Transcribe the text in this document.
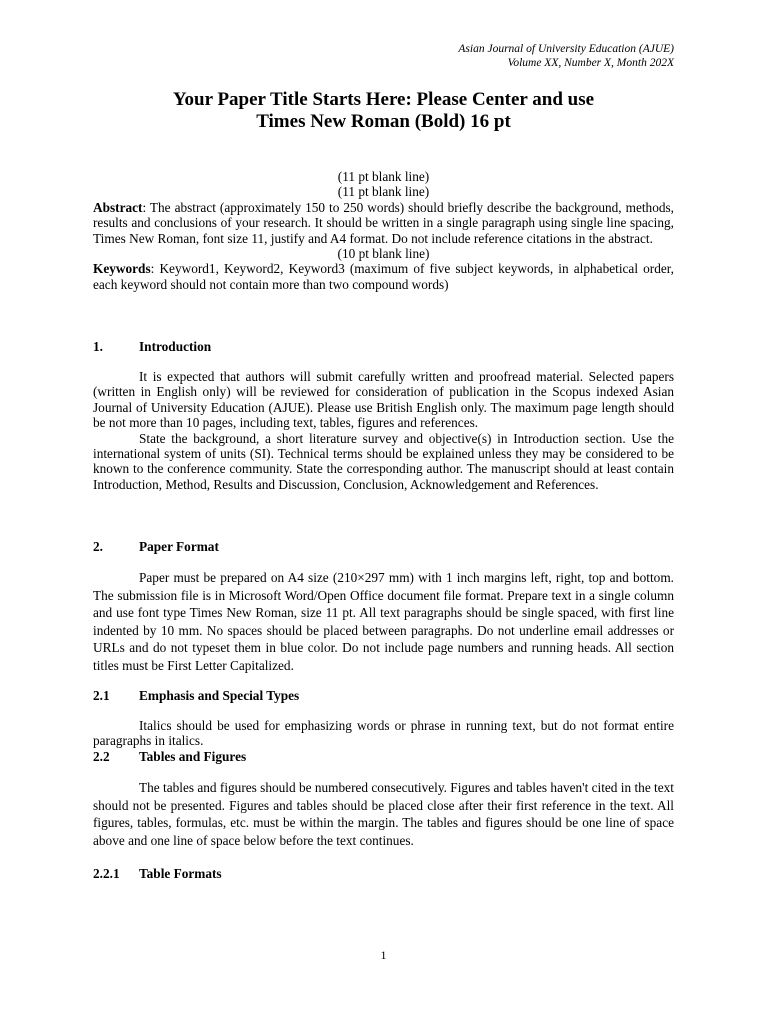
Asian Journal of University Education (AJUE)
Volume XX, Number X, Month 202X
Your Paper Title Starts Here: Please Center and use
Times New Roman (Bold) 16 pt
(11 pt blank line)
(11 pt blank line)

Abstract: The abstract (approximately 150 to 250 words) should briefly describe the background, methods, results and conclusions of your research. It should be written in a single paragraph using single line spacing, Times New Roman, font size 11, justify and A4 format. Do not include reference citations in the abstract.

(10 pt blank line)

Keywords: Keyword1, Keyword2, Keyword3 (maximum of five subject keywords, in alphabetical order, each keyword should not contain more than two compound words)

1.	Introduction

It is expected that authors will submit carefully written and proofread material. Selected papers (written in English only) will be reviewed for consideration of publication in the Scopus indexed Asian Journal of University Education (AJUE). Please use British English only. The maximum page length should be not more than 10 pages, including text, tables, figures and references.

State the background, a short literature survey and objective(s) in Introduction section. Use the international system of units (SI). Technical terms should be explained unless they may be considered to be known to the conference community. State the corresponding author. The manuscript should at least contain Introduction, Method, Results and Discussion, Conclusion, Acknowledgement and References.

2.	Paper Format

Paper must be prepared on A4 size (210×297 mm) with 1 inch margins left, right, top and bottom. The submission file is in Microsoft Word/Open Office document file format. Prepare text in a single column and use font type Times New Roman, size 11 pt. All text paragraphs should be single spaced, with first line indented by 10 mm. No spaces should be placed between paragraphs. Do not underline email addresses or URLs and do not typeset them in blue color. Do not include page numbers and running heads. All section titles must be First Letter Capitalized.

2.1	Emphasis and Special Types

Italics should be used for emphasizing words or phrase in running text, but do not format entire paragraphs in italics.

2.2	Tables and Figures

The tables and figures should be numbered consecutively. Figures and tables haven't cited in the text should not be presented. Figures and tables should be placed close after their first reference in the text. All figures, tables, formulas, etc. must be within the margin. The tables and figures should be one line of space above and one line of space below before the text continues.

2.2.1	Table Formats
1
